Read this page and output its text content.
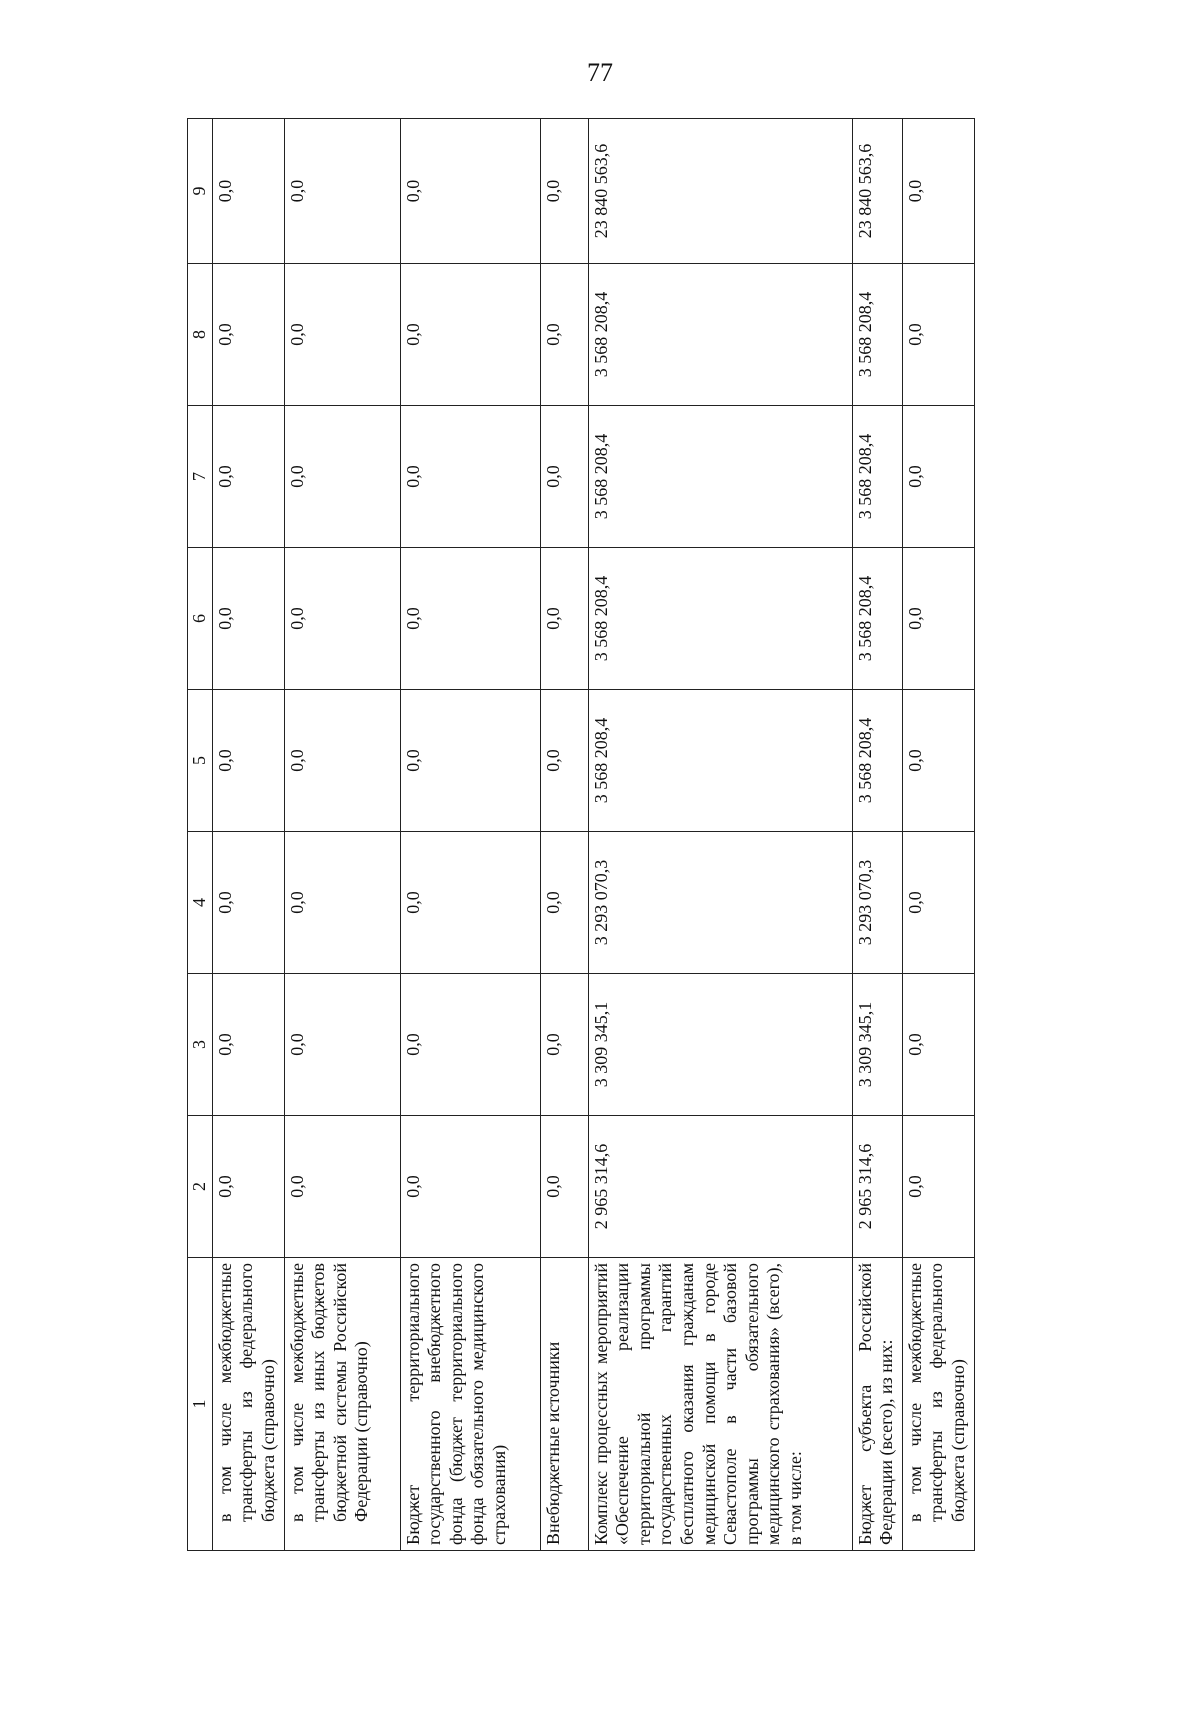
77
1	2	3	4	5	6	7	8	9
в том числе межбюджетные трансферты из федерального бюджета (справочно)	0,0	0,0	0,0	0,0	0,0	0,0	0,0	0,0
в том числе межбюджетные трансферты из иных бюджетов бюджетной системы Российской Федерации (справочно)	0,0	0,0	0,0	0,0	0,0	0,0	0,0	0,0
Бюджет территориального государственного внебюджетного фонда (бюджет территориального фонда обязательного медицинского страхования)	0,0	0,0	0,0	0,0	0,0	0,0	0,0	0,0
Внебюджетные источники	0,0	0,0	0,0	0,0	0,0	0,0	0,0	0,0
Комплекс процессных мероприятий «Обеспечение реализации территориальной программы государственных гарантий бесплатного оказания гражданам медицинской помощи в городе Севастополе в части базовой программы обязательного медицинского страхования» (всего), в том числе:	2 965 314,6	3 309 345,1	3 293 070,3	3 568 208,4	3 568 208,4	3 568 208,4	3 568 208,4	23 840 563,6
Бюджет субъекта Российской Федерации (всего), из них:	2 965 314,6	3 309 345,1	3 293 070,3	3 568 208,4	3 568 208,4	3 568 208,4	3 568 208,4	23 840 563,6
в том числе межбюджетные трансферты из федерального бюджета (справочно)	0,0	0,0	0,0	0,0	0,0	0,0	0,0	0,0
